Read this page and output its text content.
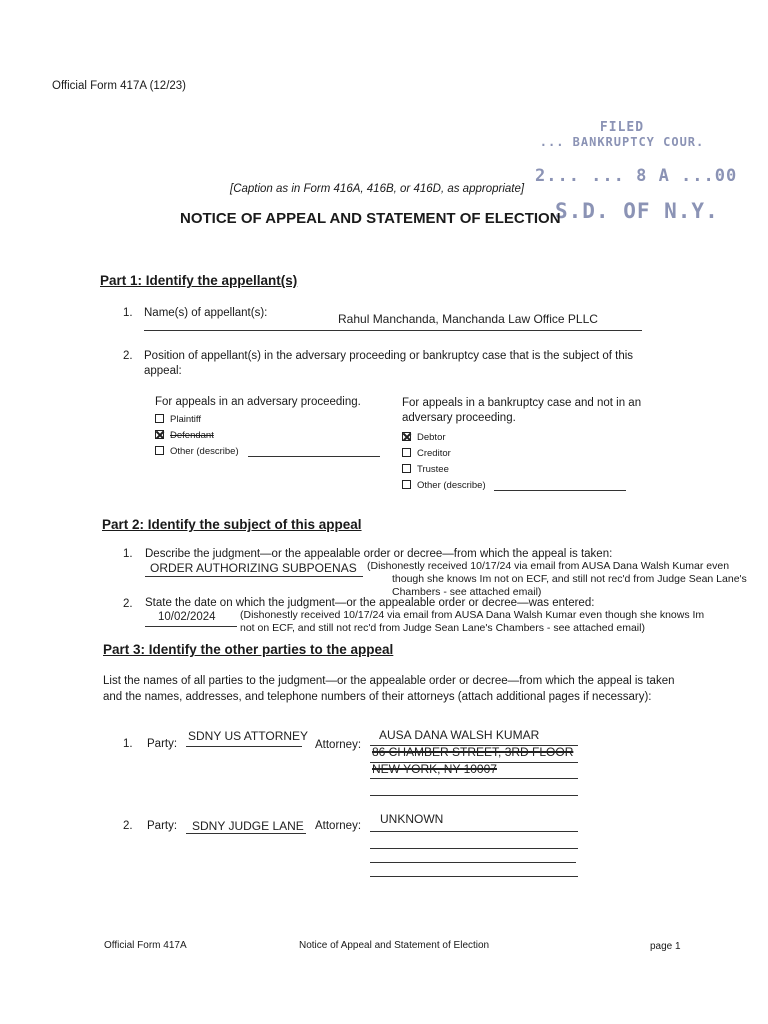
Official Form 417A (12/23)
FILED
... BANKRUPTCY COUR.
2... ... 8 A ...00
S.D. OF N.Y.
[Caption as in Form 416A, 416B, or 416D, as appropriate]
NOTICE OF APPEAL AND STATEMENT OF ELECTION
Part 1: Identify the appellant(s)
1. Name(s) of appellant(s):	Rahul Manchanda, Manchanda Law Office PLLC
2. Position of appellant(s) in the adversary proceeding or bankruptcy case that is the subject of this appeal:
For appeals in an adversary proceeding.
Plaintiff
Defendant
Other (describe)
For appeals in a bankruptcy case and not in an adversary proceeding.
Debtor
Creditor
Trustee
Other (describe)
Part 2: Identify the subject of this appeal
1. Describe the judgment—or the appealable order or decree—from which the appeal is taken:
ORDER AUTHORIZING SUBPOENAS (Dishonestly received 10/17/24 via email from AUSA Dana Walsh Kumar even
though she knows Im not on ECF, and still not rec'd from Judge Sean Lane's
Chambers - see attached email)
2. State the date on which the judgment—or the appealable order or decree—was entered:
10/02/2024 (Dishonestly received 10/17/24 via email from AUSA Dana Walsh Kumar even though she knows Im
not on ECF, and still not rec'd from Judge Sean Lane's Chambers - see attached email)
Part 3: Identify the other parties to the appeal
List the names of all parties to the judgment—or the appealable order or decree—from which the appeal is taken and the names, addresses, and telephone numbers of their attorneys (attach additional pages if necessary):
1. Party:
SDNY US ATTORNEY
Attorney:
AUSA DANA WALSH KUMAR
86 CHAMBER STREET, 3RD FLOOR
NEW YORK, NY 10007
2. Party: SDNY JUDGE LANE Attorney: UNKNOWN
Official Form 417A	Notice of Appeal and Statement of Election	page 1
